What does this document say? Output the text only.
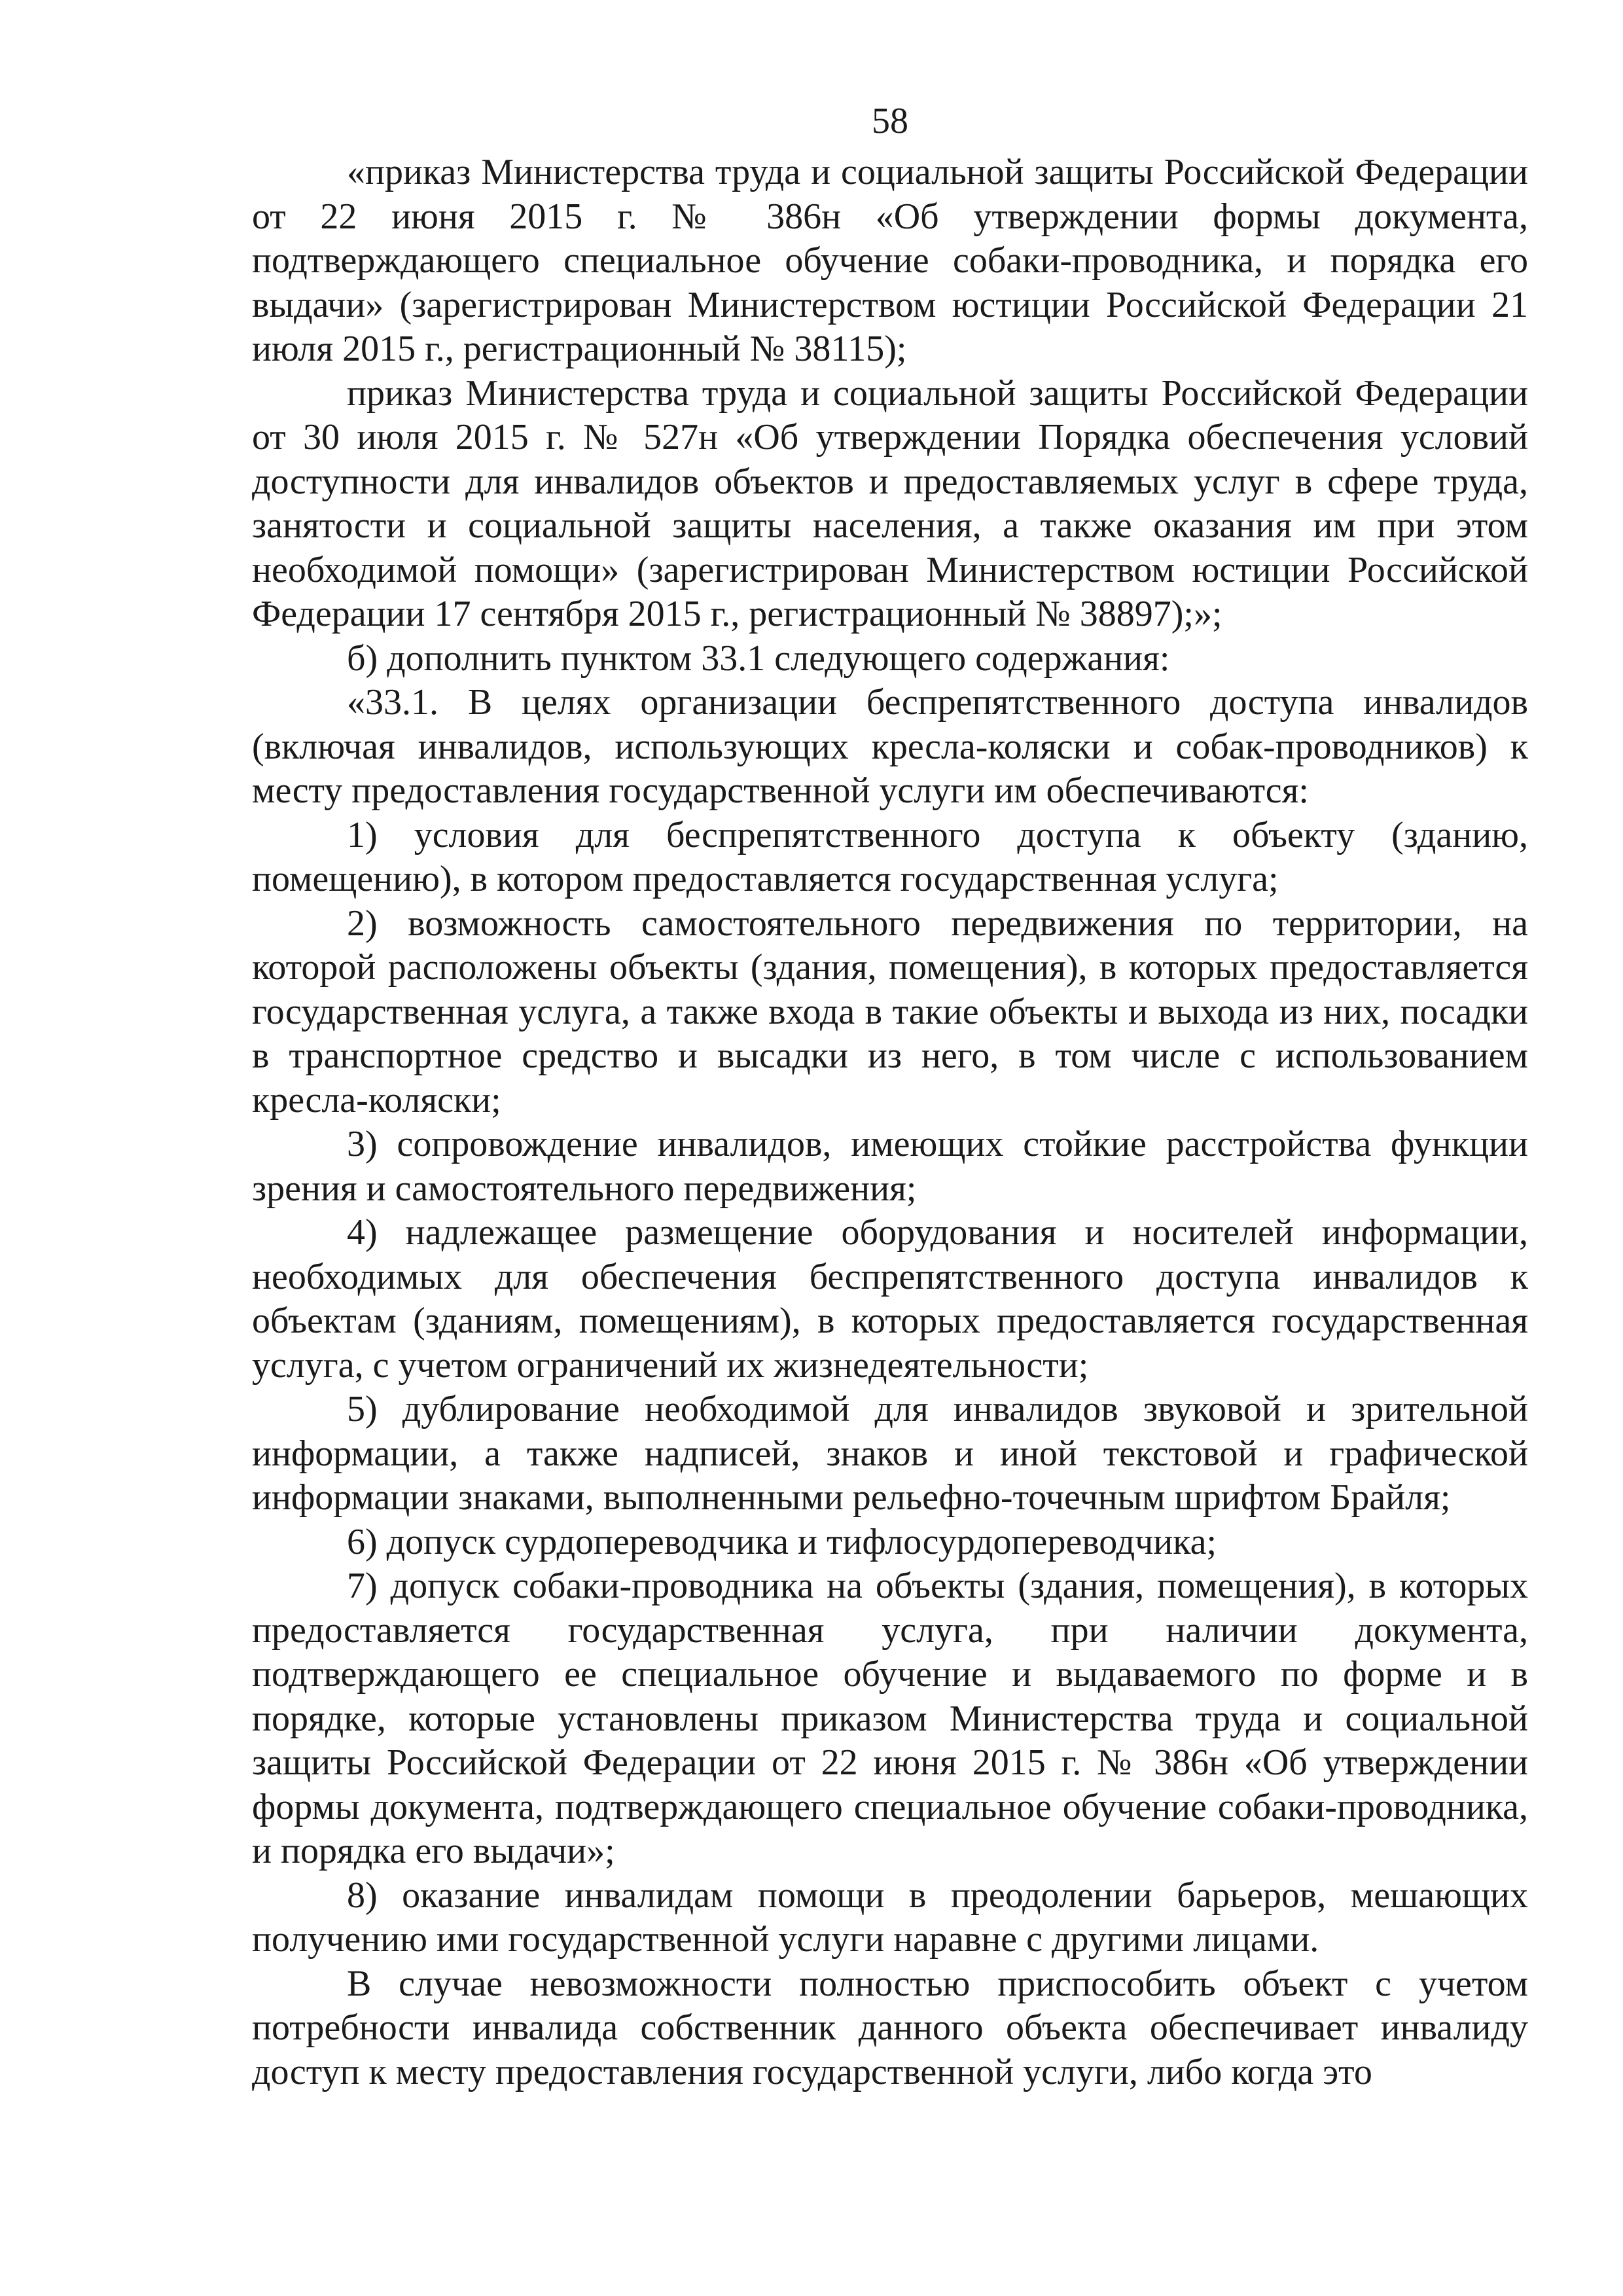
58

«приказ Министерства труда и социальной защиты Российской Федерации от 22 июня 2015 г. № 386н «Об утверждении формы документа, подтверждающего специальное обучение собаки-проводника, и порядка его выдачи» (зарегистрирован Министерством юстиции Российской Федерации 21 июля 2015 г., регистрационный № 38115);

приказ Министерства труда и социальной защиты Российской Федерации от 30 июля 2015 г. № 527н «Об утверждении Порядка обеспечения условий доступности для инвалидов объектов и предоставляемых услуг в сфере труда, занятости и социальной защиты населения, а также оказания им при этом необходимой помощи» (зарегистрирован Министерством юстиции Российской Федерации 17 сентября 2015 г., регистрационный № 38897);»;

б) дополнить пунктом 33.1 следующего содержания:

«33.1. В целях организации беспрепятственного доступа инвалидов (включая инвалидов, использующих кресла-коляски и собак-проводников) к месту предоставления государственной услуги им обеспечиваются:

1) условия для беспрепятственного доступа к объекту (зданию, помещению), в котором предоставляется государственная услуга;

2) возможность самостоятельного передвижения по территории, на которой расположены объекты (здания, помещения), в которых предоставляется государственная услуга, а также входа в такие объекты и выхода из них, посадки в транспортное средство и высадки из него, в том числе с использованием кресла-коляски;

3) сопровождение инвалидов, имеющих стойкие расстройства функции зрения и самостоятельного передвижения;

4) надлежащее размещение оборудования и носителей информации, необходимых для обеспечения беспрепятственного доступа инвалидов к объектам (зданиям, помещениям), в которых предоставляется государственная услуга, с учетом ограничений их жизнедеятельности;

5) дублирование необходимой для инвалидов звуковой и зрительной информации, а также надписей, знаков и иной текстовой и графической информации знаками, выполненными рельефно-точечным шрифтом Брайля;

6) допуск сурдопереводчика и тифлосурдопереводчика;

7) допуск собаки-проводника на объекты (здания, помещения), в которых предоставляется государственная услуга, при наличии документа, подтверждающего ее специальное обучение и выдаваемого по форме и в порядке, которые установлены приказом Министерства труда и социальной защиты Российской Федерации от 22 июня 2015 г. № 386н «Об утверждении формы документа, подтверждающего специальное обучение собаки-проводника, и порядка его выдачи»;

8) оказание инвалидам помощи в преодолении барьеров, мешающих получению ими государственной услуги наравне с другими лицами.

В случае невозможности полностью приспособить объект с учетом потребности инвалида собственник данного объекта обеспечивает инвалиду доступ к месту предоставления государственной услуги, либо когда это
